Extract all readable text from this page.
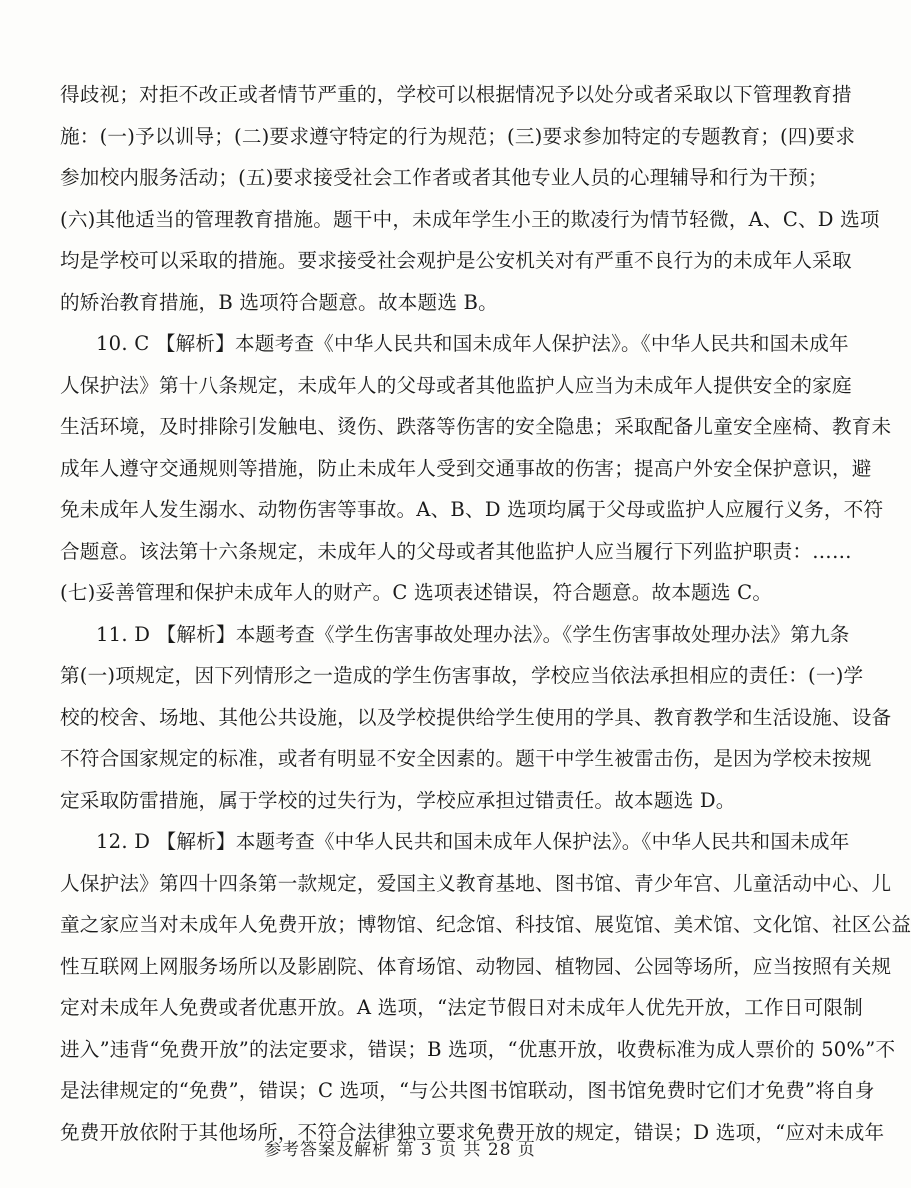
得歧视；对拒不改正或者情节严重的，学校可以根据情况予以处分或者采取以下管理教育措
施：(一)予以训导；(二)要求遵守特定的行为规范；(三)要求参加特定的专题教育；(四)要求
参加校内服务活动；(五)要求接受社会工作者或者其他专业人员的心理辅导和行为干预；
(六)其他适当的管理教育措施。题干中，未成年学生小王的欺凌行为情节轻微，A、C、D 选项
均是学校可以采取的措施。要求接受社会观护是公安机关对有严重不良行为的未成年人采取
的矫治教育措施，B 选项符合题意。故本题选 B。
10. C 【解析】本题考查《中华人民共和国未成年人保护法》。《中华人民共和国未成年
人保护法》第十八条规定，未成年人的父母或者其他监护人应当为未成年人提供安全的家庭
生活环境，及时排除引发触电、烫伤、跌落等伤害的安全隐患；采取配备儿童安全座椅、教育未
成年人遵守交通规则等措施，防止未成年人受到交通事故的伤害；提高户外安全保护意识，避
免未成年人发生溺水、动物伤害等事故。A、B、D 选项均属于父母或监护人应履行义务，不符
合题意。该法第十六条规定，未成年人的父母或者其他监护人应当履行下列监护职责：……
(七)妥善管理和保护未成年人的财产。C 选项表述错误，符合题意。故本题选 C。
11. D 【解析】本题考查《学生伤害事故处理办法》。《学生伤害事故处理办法》第九条
第(一)项规定，因下列情形之一造成的学生伤害事故，学校应当依法承担相应的责任：(一)学
校的校舍、场地、其他公共设施，以及学校提供给学生使用的学具、教育教学和生活设施、设备
不符合国家规定的标准，或者有明显不安全因素的。题干中学生被雷击伤，是因为学校未按规
定采取防雷措施，属于学校的过失行为，学校应承担过错责任。故本题选 D。
12. D 【解析】本题考查《中华人民共和国未成年人保护法》。《中华人民共和国未成年
人保护法》第四十四条第一款规定，爱国主义教育基地、图书馆、青少年宫、儿童活动中心、儿
童之家应当对未成年人免费开放；博物馆、纪念馆、科技馆、展览馆、美术馆、文化馆、社区公益
性互联网上网服务场所以及影剧院、体育场馆、动物园、植物园、公园等场所，应当按照有关规
定对未成年人免费或者优惠开放。A 选项，“法定节假日对未成年人优先开放，工作日可限制
进入”违背“免费开放”的法定要求，错误；B 选项，“优惠开放，收费标准为成人票价的 50%”不
是法律规定的“免费”，错误；C 选项，“与公共图书馆联动，图书馆免费时它们才免费”将自身
免费开放依附于其他场所，不符合法律独立要求免费开放的规定，错误；D 选项，“应对未成年
参考答案及解析 第 3 页 共 28 页
